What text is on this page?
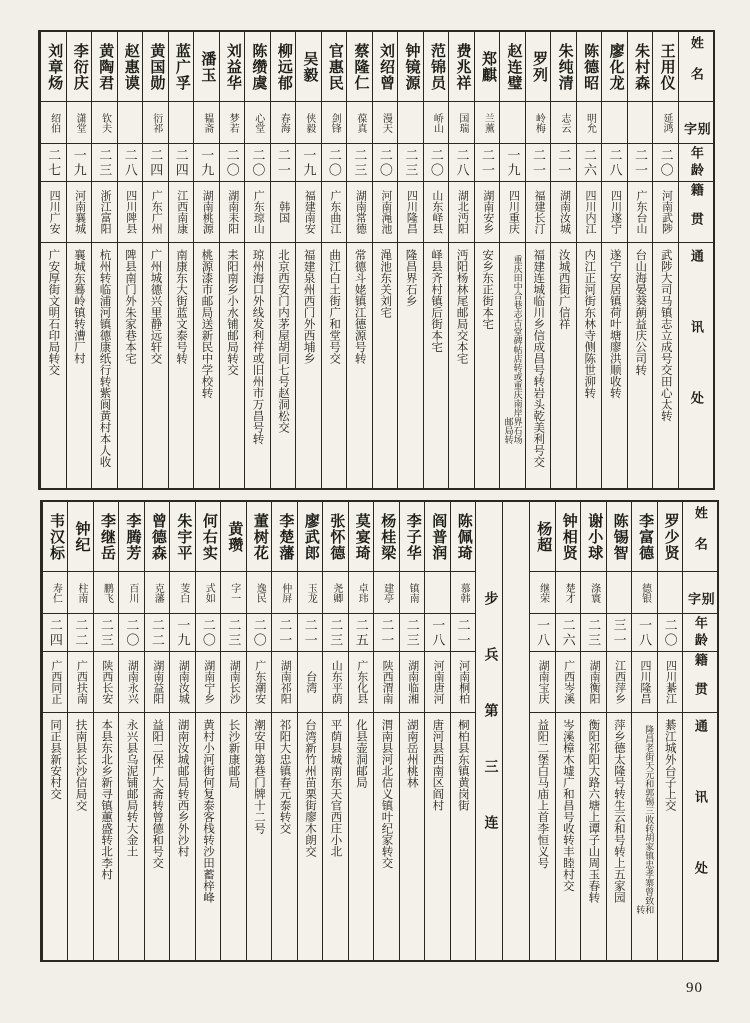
姓名
别字
年龄
籍贯
通讯处
王用仪
延鸿
二〇
河南武陟
武陟大司马镇志立成号交田心太转
朱村森
二一
广东台山
台山海晏葵蓢益庆公司转
廖化龙
二八
四川遂宁
遂宁安居镇荷叶塘廖洪顺收转
陈德昭
明允
二六
四川内江
内江正河街东林寺侧陈世泖转
朱纯清
志云
二一
湖南汝城
汝城西街广信祥
罗列
岭梅
二一
福建长汀
福建连城临川乡信成昌号转岩头乾美利号交
赵连璧
一九
四川重庆
重庆田中合巷志古堂碑帖店转或重庆南岸界石场邮局转
郑麒
兰薰
二一
湖南安乡
安乡东正街本宅
费兆祥
国瑞
二八
湖北沔阳
沔阳杨林尾邮局交本宅
范锦员
峤山
二〇
山东峄县
峄县齐村镇后街本宅
钟镜源
二三
四川隆昌
隆昌界石乡
刘绍曾
漫天
二〇
河南渑池
渑池东关刘宅
蔡隆仁
葆真
二三
湖南常德
常德斗姥镇江德源号转
官惠民
剑锋
二〇
广东曲江
曲江白土街广和堂号交
吴毅
侠毅
一九
福建南安
福建泉州西门外西埔乡
柳远郁
春海
二一
韩国
北京西安门内茅屋胡同七号赵洞松交
陈缵虞
心堂
二〇
广东琼山
琼州海口外线发利祥或旧州市万昌号转
刘益华
梦若
二〇
湖南耒阳
耒阳南乡小水铺邮局转交
潘玉
韫斋
一九
湖南桃源
桃源漆市邮局送新民中学校转
蓝广孚
二四
江西南康
南康东大街蓝文泰号转
黄国勋
衍祁
二四
广东广州
广州城德兴里静远轩交
赵惠谟
二八
四川陴县
陴县南门外朱家巷本宅
黄陶君
钦夫
二三
浙江富阳
杭州转临浦河镇德康纸行转紫阆黄村本人收
李衍庆
潇堂
一九
河南襄城
襄城东蓦岭镇转漕厂村
刘章炀
绍伯
二七
四川广安
广安厚街文明石印局转交
姓名
别字
年龄
籍贯
通讯处
罗少贤
二〇
四川綦江
綦江城外台子上交
李富德
德银
一八
四川隆昌
隆昌老街天元和郭锡三收转胡家镇忠孝寨曾致和转
陈锡智
三一
江西萍乡
萍乡德太隆号转生云和号转上五家园
谢小球
涤寰
二三
湖南衡阳
衡阳祁阳大路六塘上谭子山周玉春转
钟相贤
楚才
二六
广西岑溪
岑溪樟木墟广和昌号收转丰睦村交
杨超
继荣
一八
湖南宝庆
益阳二堡白马庙上首李恒义号
步兵第三连
陈佩琦
慕韩
二一
河南桐柏
桐柏县东镇黄岗街
阎普润
一八
河南唐河
唐河县西南区阎村
李子华
镇南
二三
湖南临湘
湖南岳州桃林
杨桂梁
建亭
二一
陕西渭南
渭南县河北信义镇叶纪家转交
莫宴琦
卓玮
二五
广东化县
化县壶洞邮局
张怀德
尧卿
二三
山东平荫
平荫县城南东天官西庄小北
廖武郎
玉龙
二一
台湾
台湾新竹州苗栗街廖木朗交
李楚藩
仲屏
二一
湖南祁阳
祁阳大忠镇春元泰转交
董树花
逸民
二〇
广东潮安
潮安甲第巷门牌十二号
黄瓒
字一
二三
湖南长沙
长沙新康邮局
何右实
式如
二〇
湖南宁乡
黄村小河街何复泰客栈转沙田蓄梓峰
朱宇平
芰白
一九
湖南汝城
湖南汝城邮局转西乡外沙村
曾德森
克藩
二二
湖南益阳
益阳二保广大斋转曾德和号交
李腾芳
百川
二〇
湖南永兴
永兴县乌泥铺邮局转大金土
李继岳
鹏飞
二三
陕西长安
本县东北乡新寻镇蕙盛转北李村
钟纪
柱南
二二
广西扶南
扶南县长沙信局交
韦汉标
寿仁
二四
广西同正
同正县新安村交
90
